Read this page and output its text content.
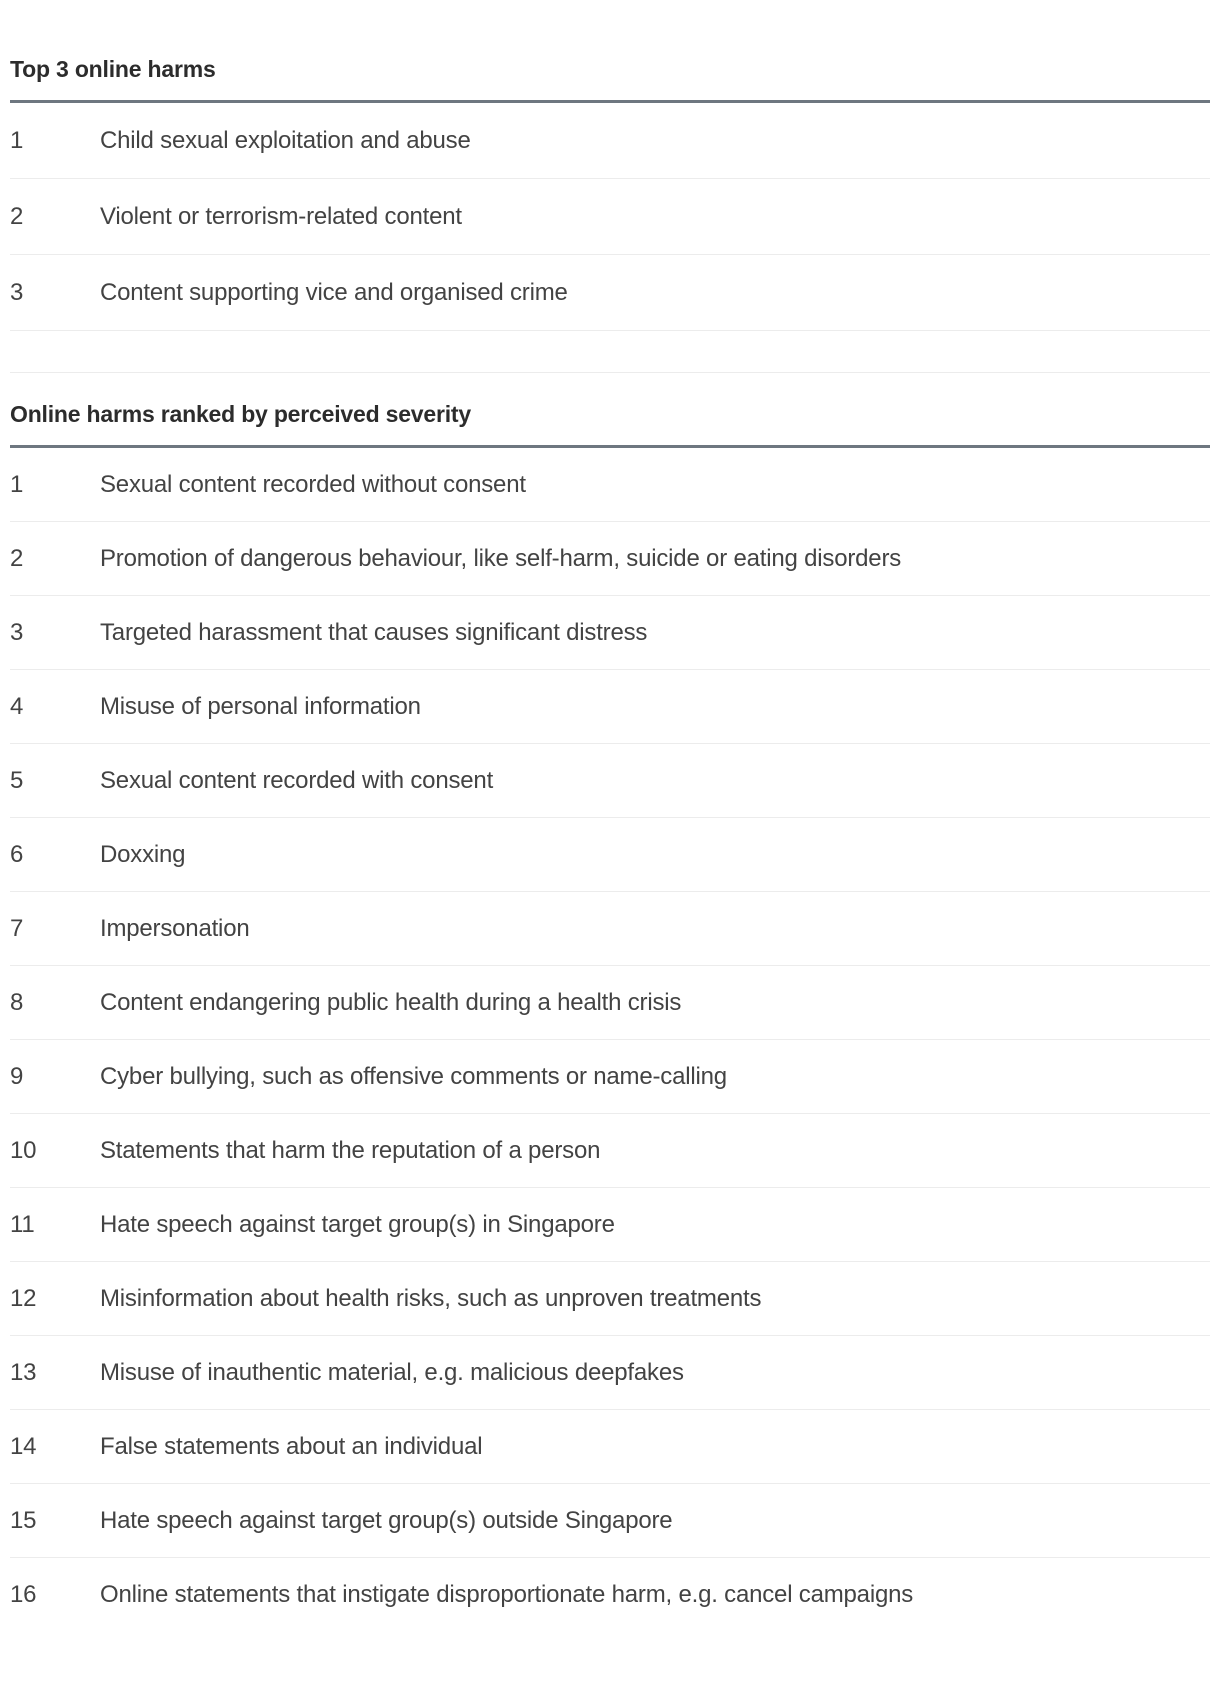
Top 3 online harms
1	Child sexual exploitation and abuse
2	Violent or terrorism-related content
3	Content supporting vice and organised crime
Online harms ranked by perceived severity
1	Sexual content recorded without consent
2	Promotion of dangerous behaviour, like self-harm, suicide or eating disorders
3	Targeted harassment that causes significant distress
4	Misuse of personal information
5	Sexual content recorded with consent
6	Doxxing
7	Impersonation
8	Content endangering public health during a health crisis
9	Cyber bullying, such as offensive comments or name-calling
10	Statements that harm the reputation of a person
11	Hate speech against target group(s) in Singapore
12	Misinformation about health risks, such as unproven treatments
13	Misuse of inauthentic material, e.g. malicious deepfakes
14	False statements about an individual
15	Hate speech against target group(s) outside Singapore
16	Online statements that instigate disproportionate harm, e.g. cancel campaigns
